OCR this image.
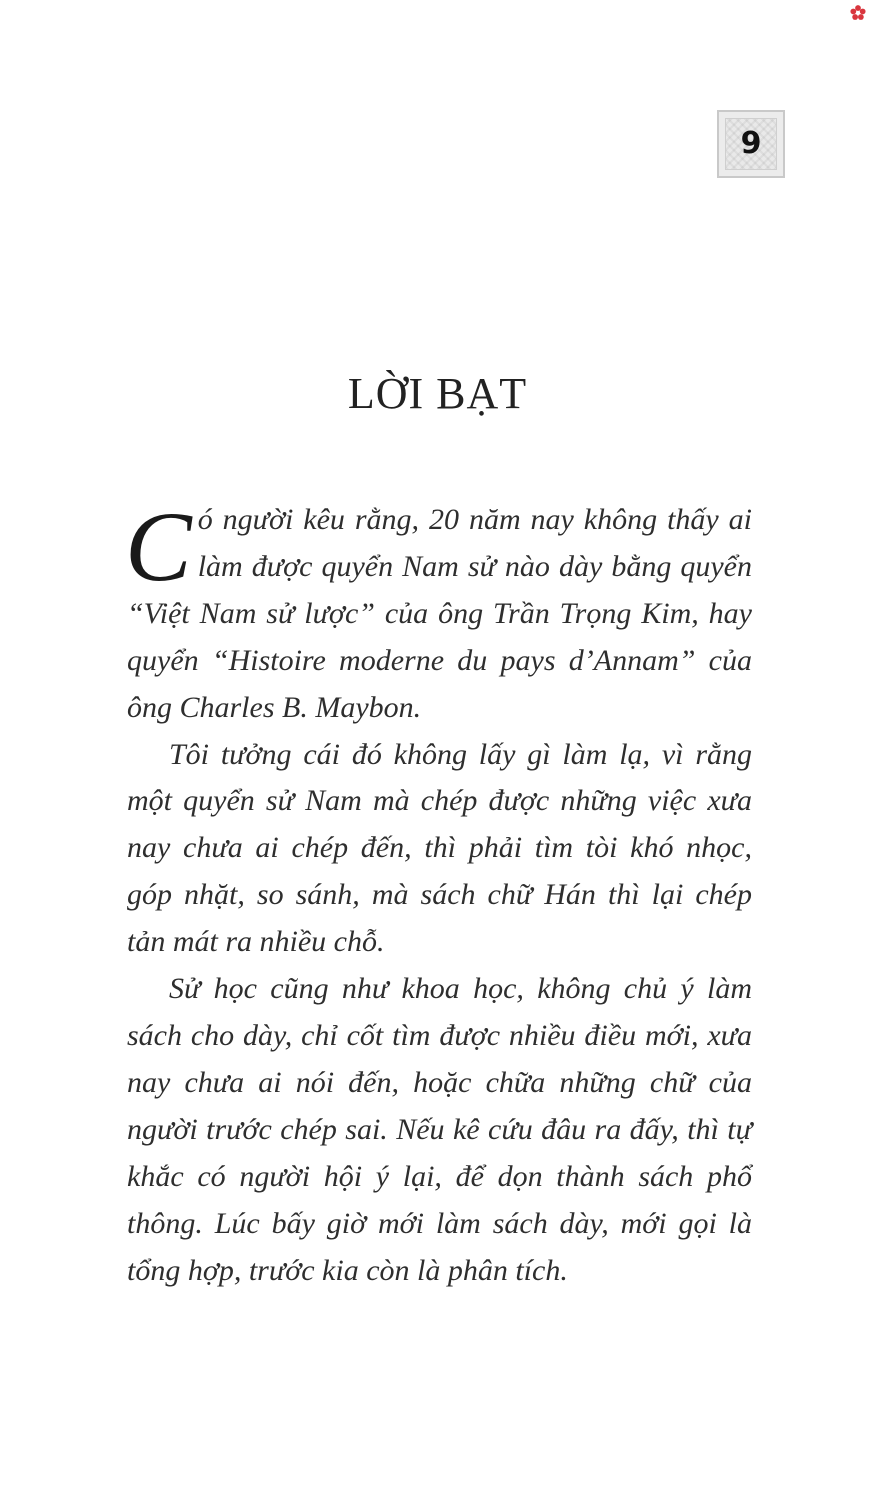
9
LỜI BẠT

Có người kêu rằng, 20 năm nay không thấy ai làm được quyển Nam sử nào dày bằng quyển “Việt Nam sử lược” của ông Trần Trọng Kim, hay quyển “Histoire moderne du pays d’Annam” của ông Charles B. Maybon.

Tôi tưởng cái đó không lấy gì làm lạ, vì rằng một quyển sử Nam mà chép được những việc xưa nay chưa ai chép đến, thì phải tìm tòi khó nhọc, góp nhặt, so sánh, mà sách chữ Hán thì lại chép tản mát ra nhiều chỗ.

Sử học cũng như khoa học, không chủ ý làm sách cho dày, chỉ cốt tìm được nhiều điều mới, xưa nay chưa ai nói đến, hoặc chữa những chữ của người trước chép sai. Nếu kê cứu đâu ra đấy, thì tự khắc có người hội ý lại, để dọn thành sách phổ thông. Lúc bấy giờ mới làm sách dày, mới gọi là tổng hợp, trước kia còn là phân tích.
